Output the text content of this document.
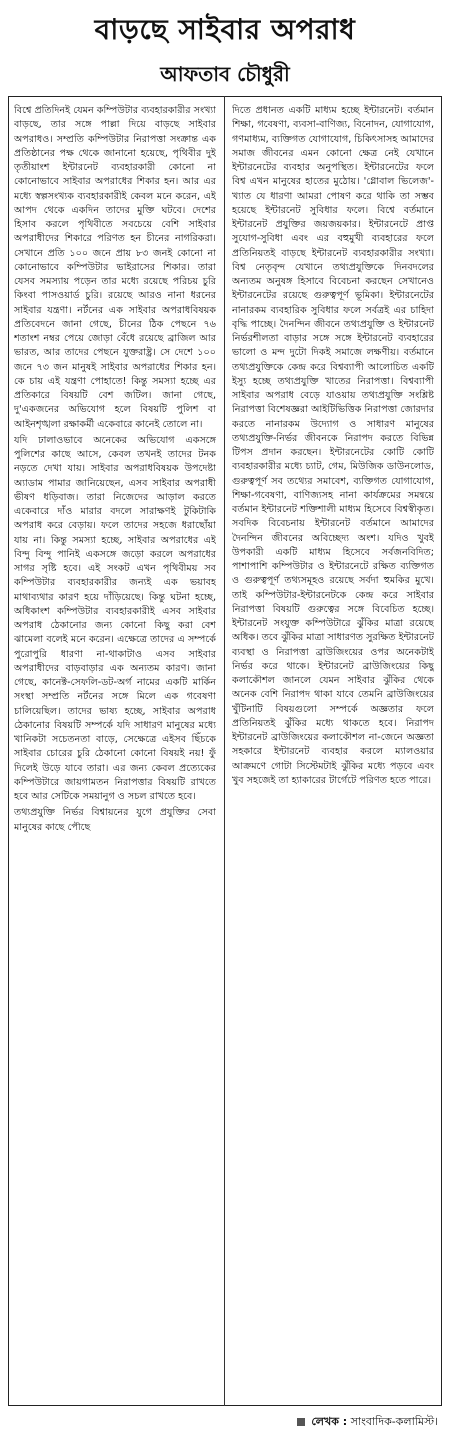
বাড়ছে সাইবার অপরাধ
আফতাব চৌধুরী

বিশ্বে প্রতিদিনই যেমন কম্পিউটার ব্যবহারকারীর সংখ্যা বাড়ছে, তার সঙ্গে পাল্লা দিয়ে বাড়ছে সাইবার অপরাধও। সম্প্রতি কম্পিউটার নিরাপত্তা সংক্রান্ত এক প্রতিষ্ঠানের পক্ষ থেকে জানানো হয়েছে, পৃথিবীর দুই তৃতীয়াংশ ইন্টারনেট ব্যবহারকারী কোনো না কোনোভাবে সাইবার অপরাধের শিকার হন। আর এর মধ্যে স্বল্পসংখ্যক ব্যবহারকারীই কেবল মনে করেন, এই আপদ থেকে একদিন তাদের মুক্তি ঘটবে। দেশের হিসাব করলে পৃথিবীতে সবচেয়ে বেশি সাইবার অপরাধীদের শিকারে পরিণত হন চীনের নাগরিকরা। সেখানে প্রতি ১০০ জনে প্রায় ৮৩ জনই কোনো না কোনোভাবে কম্পিউটার ভাইরাসের শিকার। তারা যেসব সমস্যায় পড়েন তার মধ্যে রয়েছে পরিচয় চুরি কিংবা পাসওয়ার্ড চুরি। রয়েছে আরও নানা ধরনের সাইবার যন্ত্রণা। নর্টনের এক সাইবার অপরাধবিষয়ক প্রতিবেদনে জানা গেছে, চীনের ঠিক পেছনে ৭৬ শতাংশ নম্বর পেয়ে জোড়া বেঁধে রয়েছে ব্রাজিল আর ভারত, আর তাদের পেছনে যুক্তরাষ্ট্র। সে দেশে ১০০ জনে ৭৩ জন মানুষই সাইবার অপরাধের শিকার হন। কে চায় এই যন্ত্রণা পোহাতে! কিন্তু সমস্যা হচ্ছে এর প্রতিকারে বিষয়টি বেশ জটিল। জানা গেছে, দু'একজনের অভিযোগ হলে বিষয়টি পুলিশ বা আইনশৃঙ্খলা রক্ষাকর্মী একেবারে কানেই তোলে না।

যদি ঢালাওভাবে অনেকের অভিযোগ একসঙ্গে পুলিশের কাছে আসে, কেবল তখনই তাদের টনক নড়তে দেখা যায়। সাইবার অপরাধবিষয়ক উপদেষ্টা অ্যাডাম পামার জানিয়েছেন, এসব সাইবার অপরাধী ভীষণ ধড়িবাজ। তারা নিজেদের আড়াল করতে একেবারে দাঁও মারার বদলে সারাক্ষণই টুকিটাকি অপরাধ করে বেড়ায়। ফলে তাদের সহজে ধরাছোঁয়া যায় না। কিন্তু সমস্যা হচ্ছে, সাইবার অপরাধের এই বিন্দু বিন্দু পানিই একসঙ্গে জড়ো করলে অপরাধের সাগর সৃষ্টি হবে। এই সংকট এখন পৃথিবীময় সব কম্পিউটার ব্যবহারকারীর জন্যই এক ভয়াবহ মাথাব্যথার কারণ হয়ে দাঁড়িয়েছে। কিন্তু ঘটনা হচ্ছে, অধিকাংশ কম্পিউটার ব্যবহারকারীই এসব সাইবার অপরাধ ঠেকানোর জন্য কোনো কিছু করা বেশ ঝামেলা বলেই মনে করেন। এক্ষেত্রে তাদের এ সম্পর্কে পুরোপুরি ধারণা না-থাকাটাও এসব সাইবার অপরাধীদের বাড়বাড়ার এক অন্যতম কারণ। জানা গেছে, কানেক্ট-সেফলি-ডট-অর্গ নামের একটি মার্কিন সংস্থা সম্প্রতি নর্টনের সঙ্গে মিলে এক গবেষণা চালিয়েছিল। তাদের ভাষ্য হচ্ছে, সাইবার অপরাধ ঠেকানোর বিষয়টি সম্পর্কে যদি সাধারণ মানুষের মধ্যে খানিকটা সচেতনতা বাড়ে, সেক্ষেত্রে এইসব ছিঁচকে সাইবার চোরের চুরি ঠেকানো কোনো বিষয়ই নয়! ফুঁ দিলেই উড়ে যাবে তারা। এর জন্য কেবল প্রত্যেকের কম্পিউটারে জায়গামতন নিরাপত্তার বিষয়টি রাখতে হবে আর সেটিকে সময়ানুগ ও সচল রাখতে হবে।

তথ্যপ্রযুক্তি নির্ভর বিশ্বায়নের যুগে প্রযুক্তির সেবা মানুষের কাছে পৌছে

দিতে প্রধানত একটি মাধ্যম হচ্ছে ইন্টারনেট। বর্তমান শিক্ষা, গবেষণা, ব্যবসা-বাণিজ্য, বিনোদন, যোগাযোগ, গণমাধ্যম, ব্যক্তিগত যোগাযোগ, চিকিৎসাসহ আমাদের সমাজ জীবনের এমন কোনো ক্ষেত্র নেই যেখানে ইন্টারনেটের ব্যবহার অনুপস্থিত। ইন্টারনেটের ফলে বিশ্ব এখন মানুষের হাতের মুঠোয়। 'গ্লোবাল ভিলেজ'-খ্যাত যে ধারণা আমরা পোষণ করে থাকি তা সম্ভব হয়েছে ইন্টারনেট সুবিধার ফলে। বিশ্বে বর্তমানে ইন্টারনেট প্রযুক্তির জয়জয়কার। ইন্টারনেটে প্রাপ্ত সুযোগ-সুবিধা এবং এর বহুমুখী ব্যবহারের ফলে প্রতিনিয়তই বাড়ছে ইন্টারনেট ব্যবহারকারীর সংখ্যা। বিশ্ব নেতৃবৃন্দ যেখানে তথ্যপ্রযুক্তিকে দিনবদলের অন্যতম অনুষঙ্গ হিসাবে বিবেচনা করছেন সেখানেও ইন্টারনেটের রয়েছে গুরুত্বপূর্ণ ভূমিকা। ইন্টারনেটের নানারকম ব্যবহারিক সুবিধার ফলে সর্বত্রই এর চাহিদা বৃদ্ধি পাচ্ছে। দৈনন্দিন জীবনে তথ্যপ্রযুক্তি ও ইন্টারনেট নির্ভরশীলতা বাড়ার সঙ্গে সঙ্গে ইন্টারনেট ব্যবহারের ভালো ও মন্দ দুটো দিকই সমাজে লক্ষণীয়। বর্তমানে তথ্যপ্রযুক্তিকে কেন্দ্র করে বিশ্বব্যাপী আলোচিত একটি ইস্যু হচ্ছে তথ্যপ্রযুক্তি খাতের নিরাপত্তা। বিশ্বব্যাপী সাইবার অপরাধ বেড়ে যাওয়ায় তথ্যপ্রযুক্তি সংশ্লিষ্ট নিরাপত্তা বিশেষজ্ঞরা আইটিভিত্তিক নিরাপত্তা জোরদার করতে নানারকম উদ্যোগ ও সাধারণ মানুষের তথ্যপ্রযুক্তি-নির্ভর জীবনকে নিরাপদ করতে বিভিন্ন টিপস প্রদান করছেন। ইন্টারনেটের কোটি কোটি ব্যবহারকারীর মধ্যে চ্যাট, গেম, মিউজিক ডাউনলোড, গুরুত্বপূর্ণ সব তথ্যের সমাবেশ, ব্যক্তিগত যোগাযোগ, শিক্ষা-গবেষণা, বাণিজ্যসহ নানা কার্যক্রমের সমন্বয়ে বর্তমান ইন্টারনেট শক্তিশালী মাধ্যম হিসেবে বিশ্বস্বীকৃত। সবদিক বিবেচনায় ইন্টারনেট বর্তমানে আমাদের দৈনন্দিন জীবনের অবিচ্ছেদ্য অংশ। যদিও খুবই উপকারী একটি মাধ্যম হিসেবে সর্বজনবিদিত; পাশাপাশি কম্পিউটার ও ইন্টারনেটে রক্ষিত ব্যক্তিগত ও গুরুত্বপূর্ণ তথ্যসমূহও রয়েছে সর্বদা হুমকির মুখে। তাই কম্পিউটার-ইন্টারনেটকে কেন্দ্র করে সাইবার নিরাপত্তা বিষয়টি গুরুত্বের সঙ্গে বিবেচিত হচ্ছে। ইন্টারনেট সংযুক্ত কম্পিউটারে ঝুঁকির মাত্রা রয়েছে অধিক। তবে ঝুঁকির মাত্রা সাধারণত সুরক্ষিত ইন্টারনেট ব্যবস্থা ও নিরাপত্তা ব্রাউজিংয়ের ওপর অনেকটাই নির্ভর করে থাকে। ইন্টারনেট ব্রাউজিংয়ের কিছু কলাকৌশল জানলে যেমন সাইবার ঝুঁকির থেকে অনেক বেশি নিরাপদ থাকা যাবে তেমনি ব্রাউজিংয়ের খুঁটিনাটি বিষয়গুলো সম্পর্কে অজ্ঞতার ফলে প্রতিনিয়তই ঝুঁকির মধ্যে থাকতে হবে। নিরাপদ ইন্টারনেট ব্রাউজিংয়ের কলাকৌশল না-জেনে অজ্ঞতা সহকারে ইন্টারনেট ব্যবহার করলে ম্যালওয়ার আক্রমণে গোটা সিস্টেমটাই ঝুঁকির মধ্যে পড়বে এবং খুব সহজেই তা হ্যাকারের টার্গেটে পরিণত হতে পারে।

লেখক : সাংবাদিক-কলামিস্ট।
